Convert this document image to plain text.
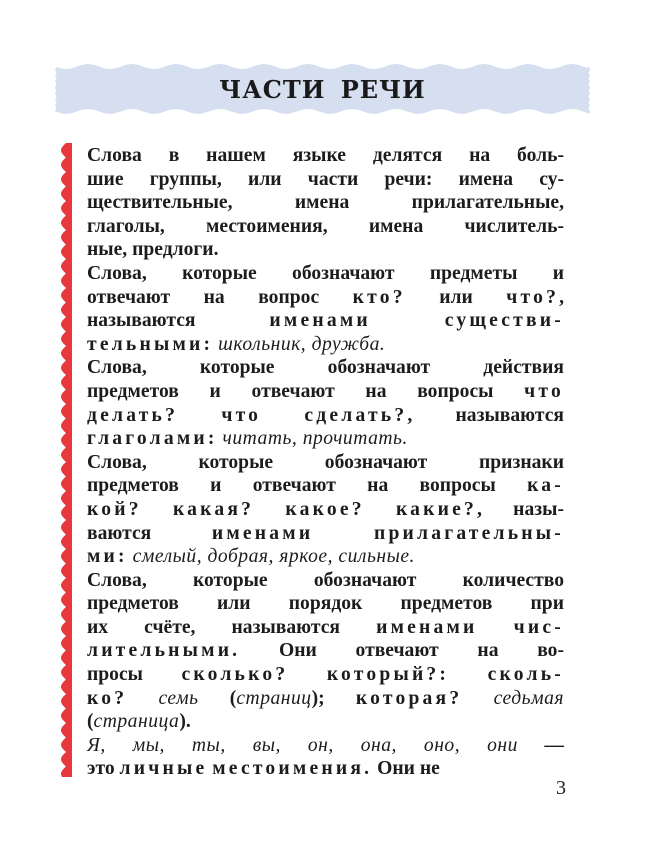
ЧАСТИ РЕЧИ
Слова в нашем языке делятся на боль-
шие группы, или части речи: имена су-
ществительные, имена прилагательные,
глаголы, местоимения, имена числитель-
ные, предлоги.
Слова, которые обозначают предметы и
отвечают на вопрос кто? или что?,
называются именами	существи-
тельными: школьник, дружба.
Слова, которые обозначают действия
предметов и отвечают на вопросы что
делать? что сделать?, называются
глаголами: читать, прочитать.
Слова, которые обозначают признаки
предметов и отвечают на вопросы ка-
кой? какая? какое? какие?, назы-
ваются именами	прилагательны-
ми: смелый, добрая, яркое, сильные.
Слова, которые обозначают количество
предметов или порядок предметов при
их счёте, называются именами чис-
лительными. Они отвечают на во-
просы сколько? который?: сколь-
ко? семь (страниц); которая? седьмая
(страница).
Я, мы, ты, вы, он, она, оно, они —
это личные местоимения. Они не
3
